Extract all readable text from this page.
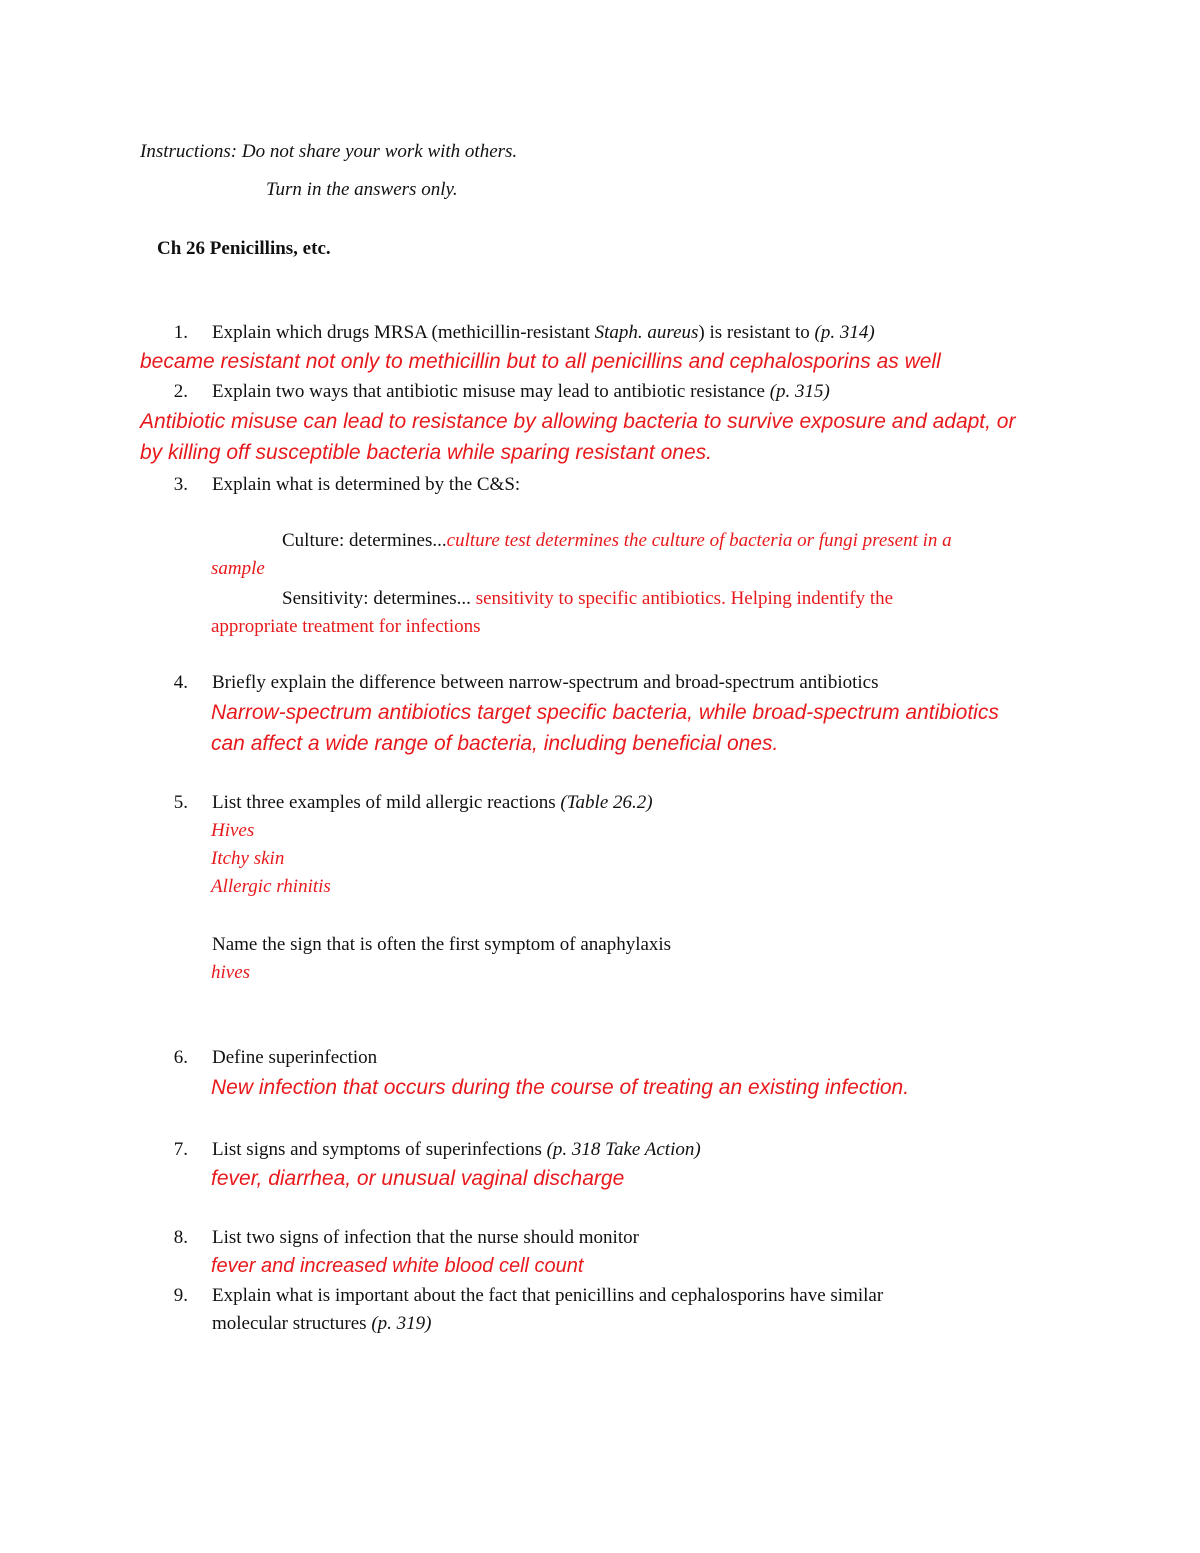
Instructions: Do not share your work with others.
Turn in the answers only.
Ch 26 Penicillins, etc.
1. Explain which drugs MRSA (methicillin-resistant Staph. aureus) is resistant to (p. 314)
became resistant not only to methicillin but to all penicillins and cephalosporins as well
2. Explain two ways that antibiotic misuse may lead to antibiotic resistance (p. 315)
Antibiotic misuse can lead to resistance by allowing bacteria to survive exposure and adapt, or
by killing off susceptible bacteria while sparing resistant ones.
3. Explain what is determined by the C&S:
Culture: determines...culture test determines the culture of bacteria or fungi present in a
sample
Sensitivity: determines... sensitivity to specific antibiotics. Helping indentify the
appropriate treatment for infections
4. Briefly explain the difference between narrow-spectrum and broad-spectrum antibiotics
Narrow-spectrum antibiotics target specific bacteria, while broad-spectrum antibiotics
can affect a wide range of bacteria, including beneficial ones.
5. List three examples of mild allergic reactions (Table 26.2)
Hives
Itchy skin
Allergic rhinitis
Name the sign that is often the first symptom of anaphylaxis
hives
6. Define superinfection
New infection that occurs during the course of treating an existing infection.
7. List signs and symptoms of superinfections (p. 318 Take Action)
fever, diarrhea, or unusual vaginal discharge
8. List two signs of infection that the nurse should monitor
fever and increased white blood cell count
9. Explain what is important about the fact that penicillins and cephalosporins have similar
molecular structures (p. 319)
